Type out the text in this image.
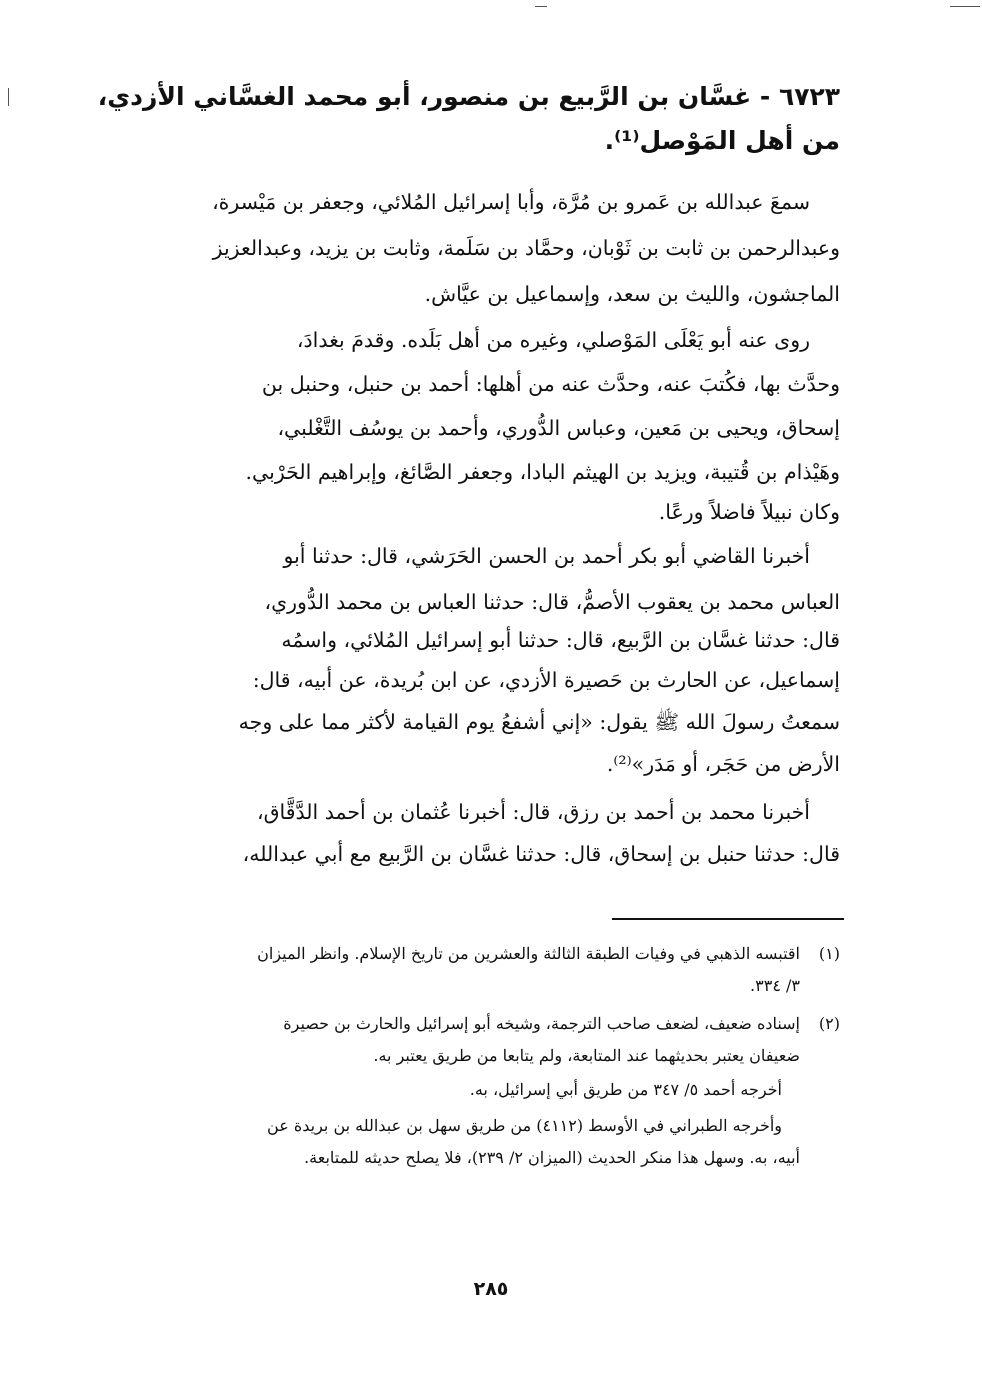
٦٧٢٣ - غسَّان بن الرَّبيع بن منصور، أبو محمد الغسَّاني الأزدي،
من أهل المَوْصل⁽¹⁾.
سمعَ عبدالله بن عَمرو بن مُرَّة، وأبا إسرائيل المُلائي، وجعفر بن مَيْسرة،
وعبدالرحمن بن ثابت بن ثَوْبان، وحمَّاد بن سَلَمة، وثابت بن يزيد، وعبدالعزيز
الماجشون، والليث بن سعد، وإسماعيل بن عيَّاش.
روى عنه أبو يَعْلَى المَوْصلي، وغيره من أهل بَلَده. وقدمَ بغدادَ،
وحدَّث بها، فكُتبَ عنه، وحدَّث عنه من أهلها: أحمد بن حنبل، وحنبل بن
إسحاق، ويحيى بن مَعين، وعباس الدُّوري، وأحمد بن يوسُف التَّغْلبي،
وهَيْذام بن قُتيبة، ويزيد بن الهيثم البادا، وجعفر الصَّائغ، وإبراهيم الحَرْبي.
وكان نبيلاً فاضلاً ورعًا.
أخبرنا القاضي أبو بكر أحمد بن الحسن الحَرَشي، قال: حدثنا أبو
العباس محمد بن يعقوب الأصمُّ، قال: حدثنا العباس بن محمد الدُّوري،
قال: حدثنا غسَّان بن الرَّبيع، قال: حدثنا أبو إسرائيل المُلائي، واسمُه
إسماعيل، عن الحارث بن حَصيرة الأزدي، عن ابن بُريدة، عن أبيه، قال:
سمعتُ رسولَ الله ﷺ يقول: «إني أشفعُ يوم القيامة لأكثر مما على وجه
الأرض من حَجَر، أو مَدَر»⁽²⁾.
أخبرنا محمد بن أحمد بن رزق، قال: أخبرنا عُثمان بن أحمد الدَّقَّاق،
قال: حدثنا حنبل بن إسحاق، قال: حدثنا غسَّان بن الرَّبيع مع أبي عبدالله،
(١)
اقتبسه الذهبي في وفيات الطبقة الثالثة والعشرين من تاريخ الإسلام. وانظر الميزان
٣/ ٣٣٤.
(٢)
إسناده ضعيف، لضعف صاحب الترجمة، وشيخه أبو إسرائيل والحارث بن حصيرة
ضعيفان يعتبر بحديثهما عند المتابعة، ولم يتابعا من طريق يعتبر به.
أخرجه أحمد ٥/ ٣٤٧ من طريق أبي إسرائيل، به.
وأخرجه الطبراني في الأوسط (٤١١٢) من طريق سهل بن عبدالله بن بريدة عن
أبيه، به. وسهل هذا منكر الحديث (الميزان ٢/ ٢٣٩)، فلا يصلح حديثه للمتابعة.
٢٨٥
